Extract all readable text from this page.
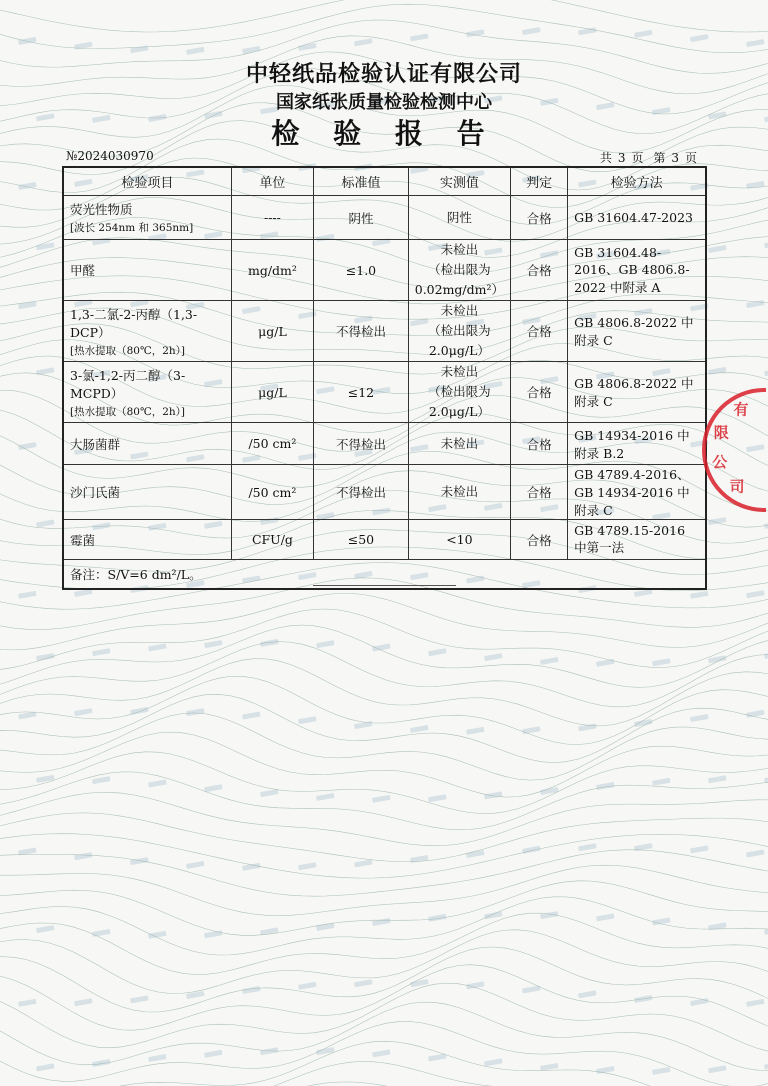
中轻纸品检验认证有限公司
国家纸张质量检验检测中心
检 验 报 告
№2024030970	共 3 页 第 3 页
检验项目	单位	标准值	实测值	判定	检验方法

荧光性物质
[波长 254nm 和 365nm]	----	阴性	阴性	合格	GB 31604.47-2023

甲醛	mg/dm²	≤1.0	未检出
（检出限为
0.02mg/dm²）	合格	GB 31604.48-2016、GB 4806.8-2022 中附录 A

1,3-二氯-2-丙醇（1,3-DCP）
[热水提取（80℃，2h）]	μg/L	不得检出	未检出
（检出限为
2.0μg/L）	合格	GB 4806.8-2022 中附录 C

3-氯-1,2-丙二醇（3-MCPD）
[热水提取（80℃，2h）]	μg/L	≤12	未检出
（检出限为
2.0μg/L）	合格	GB 4806.8-2022 中附录 C

大肠菌群	/50 cm²	不得检出	未检出	合格	GB 14934-2016 中附录 B.2

沙门氏菌	/50 cm²	不得检出	未检出	合格	GB 4789.4-2016、GB 14934-2016 中附录 C

霉菌	CFU/g	≤50	<10	合格	GB 4789.15-2016 中第一法
备注：S/V=6 dm²/L。					
有
限
公
司
